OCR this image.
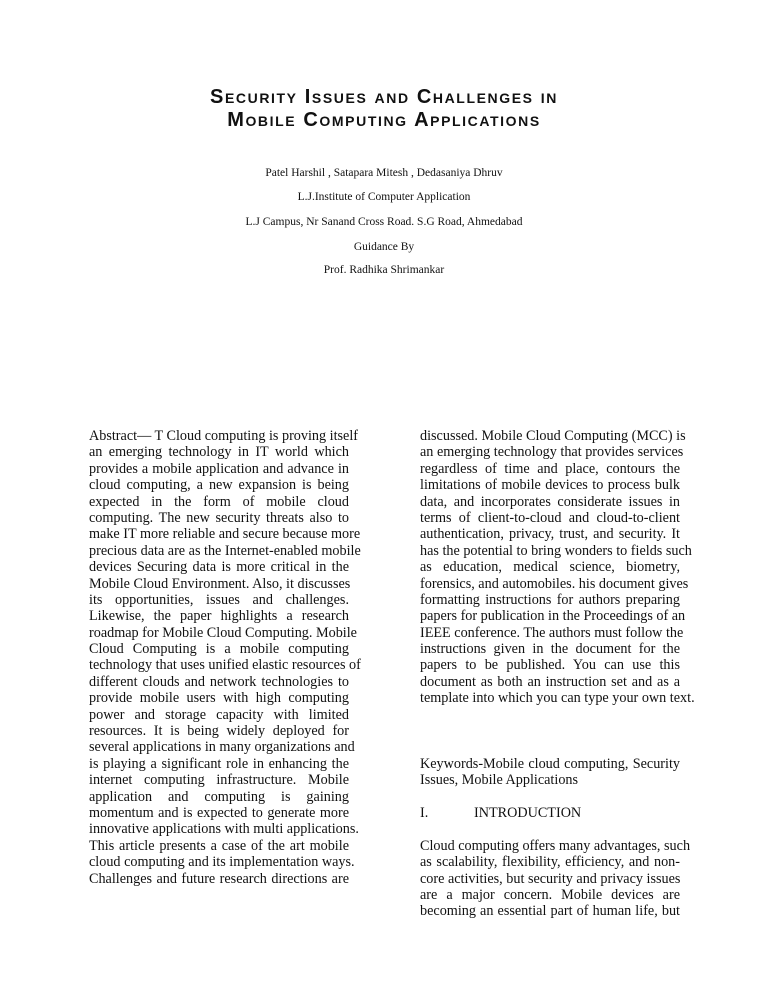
Security Issues and Challenges in
Mobile Computing Applications
Patel Harshil , Satapara Mitesh , Dedasaniya Dhruv
L.J.Institute of Computer Application
L.J Campus, Nr Sanand Cross Road. S.G Road, Ahmedabad
Guidance By
Prof. Radhika Shrimankar
Abstract— T Cloud computing is proving itself
an emerging technology in IT world which
provides a mobile application and advance in
cloud computing, a new expansion is being
expected in the form of mobile cloud
computing. The new security threats also to
make IT more reliable and secure because more
precious data are as the Internet-enabled mobile
devices Securing data is more critical in the
Mobile Cloud Environment. Also, it discusses
its opportunities, issues and challenges.
Likewise, the paper highlights a research
roadmap for Mobile Cloud Computing. Mobile
Cloud Computing is a mobile computing
technology that uses unified elastic resources of
different clouds and network technologies to
provide mobile users with high computing
power and storage capacity with limited
resources. It is being widely deployed for
several applications in many organizations and
is playing a significant role in enhancing the
internet computing infrastructure. Mobile
application and computing is gaining
momentum and is expected to generate more
innovative applications with multi applications.
This article presents a case of the art mobile
cloud computing and its implementation ways.
Challenges and future research directions are
discussed. Mobile Cloud Computing (MCC) is
an emerging technology that provides services
regardless of time and place, contours the
limitations of mobile devices to process bulk
data, and incorporates considerate issues in
terms of client-to-cloud and cloud-to-client
authentication, privacy, trust, and security. It
has the potential to bring wonders to fields such
as education, medical science, biometry,
forensics, and automobiles. his document gives
formatting instructions for authors preparing
papers for publication in the Proceedings of an
IEEE conference. The authors must follow the
instructions given in the document for the
papers to be published. You can use this
document as both an instruction set and as a
template into which you can type your own text.
Keywords-Mobile cloud computing, Security
Issues, Mobile Applications
I.	INTRODUCTION
Cloud computing offers many advantages, such
as scalability, flexibility, efficiency, and non-
core activities, but security and privacy issues
are a major concern. Mobile devices are
becoming an essential part of human life, but
